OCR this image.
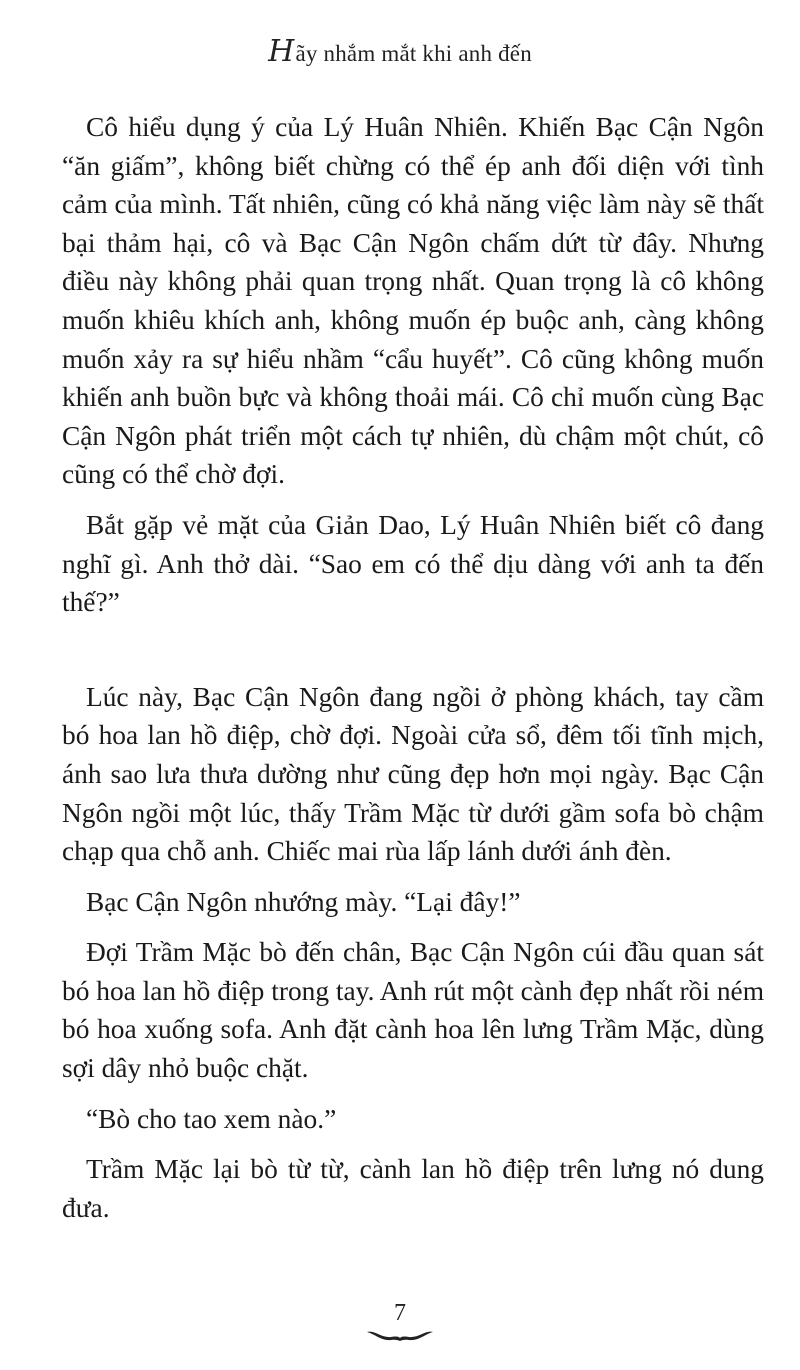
Hãy nhắm mắt khi anh đến

Cô hiểu dụng ý của Lý Huân Nhiên. Khiến Bạc Cận Ngôn “ăn giấm”, không biết chừng có thể ép anh đối diện với tình cảm của mình. Tất nhiên, cũng có khả năng việc làm này sẽ thất bại thảm hại, cô và Bạc Cận Ngôn chấm dứt từ đây. Nhưng điều này không phải quan trọng nhất. Quan trọng là cô không muốn khiêu khích anh, không muốn ép buộc anh, càng không muốn xảy ra sự hiểu nhầm “cẩu huyết”. Cô cũng không muốn khiến anh buồn bực và không thoải mái. Cô chỉ muốn cùng Bạc Cận Ngôn phát triển một cách tự nhiên, dù chậm một chút, cô cũng có thể chờ đợi.

Bắt gặp vẻ mặt của Giản Dao, Lý Huân Nhiên biết cô đang nghĩ gì. Anh thở dài. “Sao em có thể dịu dàng với anh ta đến thế?”

Lúc này, Bạc Cận Ngôn đang ngồi ở phòng khách, tay cầm bó hoa lan hồ điệp, chờ đợi. Ngoài cửa sổ, đêm tối tĩnh mịch, ánh sao lưa thưa dường như cũng đẹp hơn mọi ngày. Bạc Cận Ngôn ngồi một lúc, thấy Trầm Mặc từ dưới gầm sofa bò chậm chạp qua chỗ anh. Chiếc mai rùa lấp lánh dưới ánh đèn.

Bạc Cận Ngôn nhướng mày. “Lại đây!”

Đợi Trầm Mặc bò đến chân, Bạc Cận Ngôn cúi đầu quan sát bó hoa lan hồ điệp trong tay. Anh rút một cành đẹp nhất rồi ném bó hoa xuống sofa. Anh đặt cành hoa lên lưng Trầm Mặc, dùng sợi dây nhỏ buộc chặt.

“Bò cho tao xem nào.”

Trầm Mặc lại bò từ từ, cành lan hồ điệp trên lưng nó dung đưa.

7
